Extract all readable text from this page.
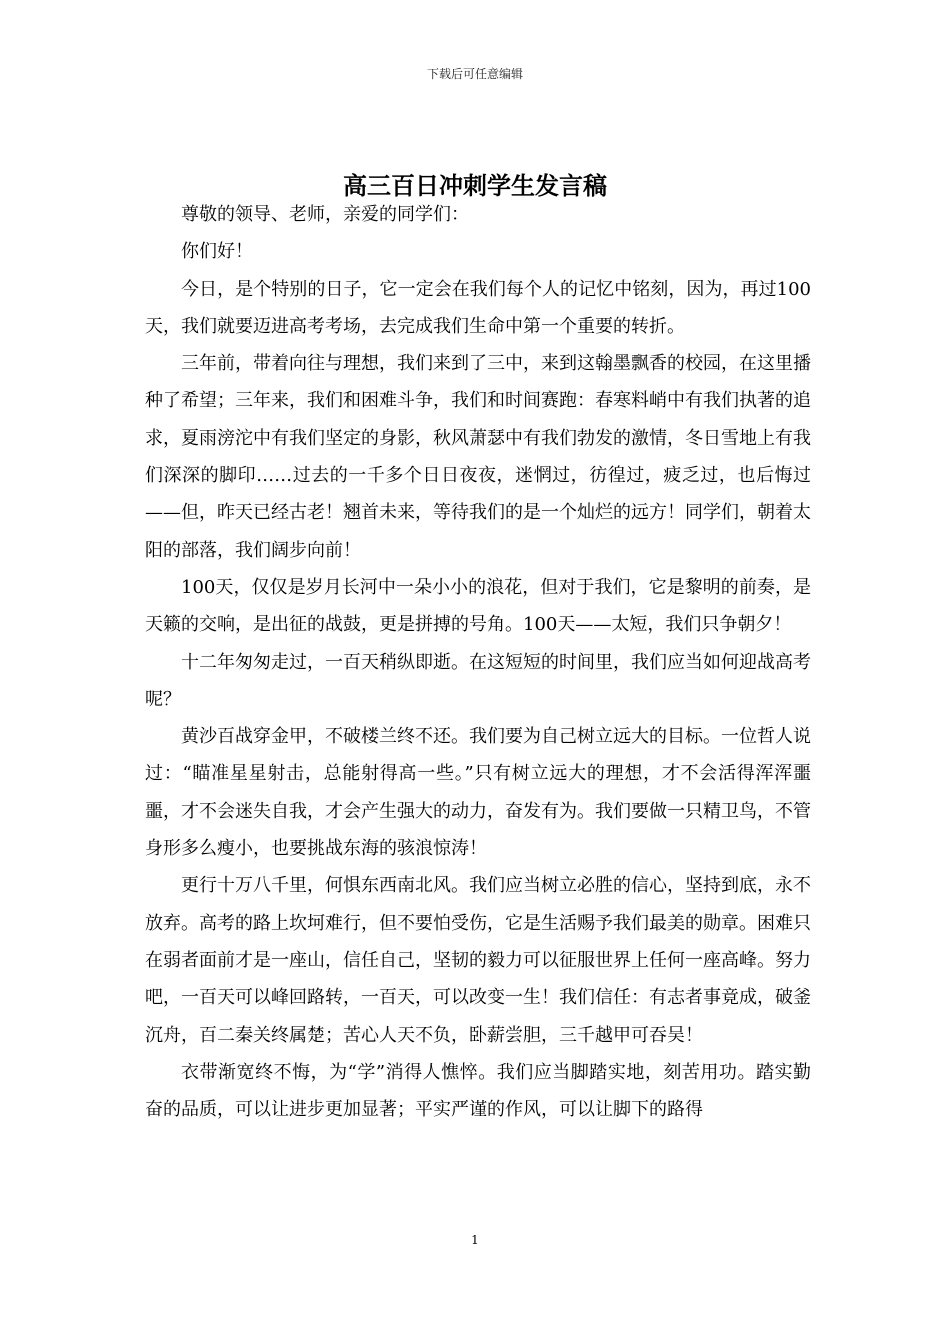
下载后可任意编辑
高三百日冲刺学生发言稿

尊敬的领导、老师，亲爱的同学们：

你们好！

今日，是个特别的日子，它一定会在我们每个人的记忆中铭刻，因为，再过100天，我们就要迈进高考考场，去完成我们生命中第一个重要的转折。

三年前，带着向往与理想，我们来到了三中，来到这翰墨飘香的校园，在这里播种了希望；三年来，我们和困难斗争，我们和时间赛跑：春寒料峭中有我们执著的追求，夏雨滂沱中有我们坚定的身影，秋风萧瑟中有我们勃发的激情，冬日雪地上有我们深深的脚印……过去的一千多个日日夜夜，迷惘过，彷徨过，疲乏过，也后悔过——但，昨天已经古老！翘首未来，等待我们的是一个灿烂的远方！同学们，朝着太阳的部落，我们阔步向前！

100天，仅仅是岁月长河中一朵小小的浪花，但对于我们，它是黎明的前奏，是天籁的交响，是出征的战鼓，更是拼搏的号角。100天——太短，我们只争朝夕！

十二年匆匆走过，一百天稍纵即逝。在这短短的时间里，我们应当如何迎战高考呢？

黄沙百战穿金甲，不破楼兰终不还。我们要为自己树立远大的目标。一位哲人说过：“瞄准星星射击，总能射得高一些。”只有树立远大的理想，才不会活得浑浑噩噩，才不会迷失自我，才会产生强大的动力，奋发有为。我们要做一只精卫鸟，不管身形多么瘦小，也要挑战东海的骇浪惊涛！

更行十万八千里，何惧东西南北风。我们应当树立必胜的信心，坚持到底，永不放弃。高考的路上坎坷难行，但不要怕受伤，它是生活赐予我们最美的勋章。困难只在弱者面前才是一座山，信任自己，坚韧的毅力可以征服世界上任何一座高峰。努力吧，一百天可以峰回路转，一百天，可以改变一生！我们信任：有志者事竟成，破釜沉舟，百二秦关终属楚；苦心人天不负，卧薪尝胆，三千越甲可吞吴！

衣带渐宽终不悔，为“学”消得人憔悴。我们应当脚踏实地，刻苦用功。踏实勤奋的品质，可以让进步更加显著；平实严谨的作风，可以让脚下的路得

1
